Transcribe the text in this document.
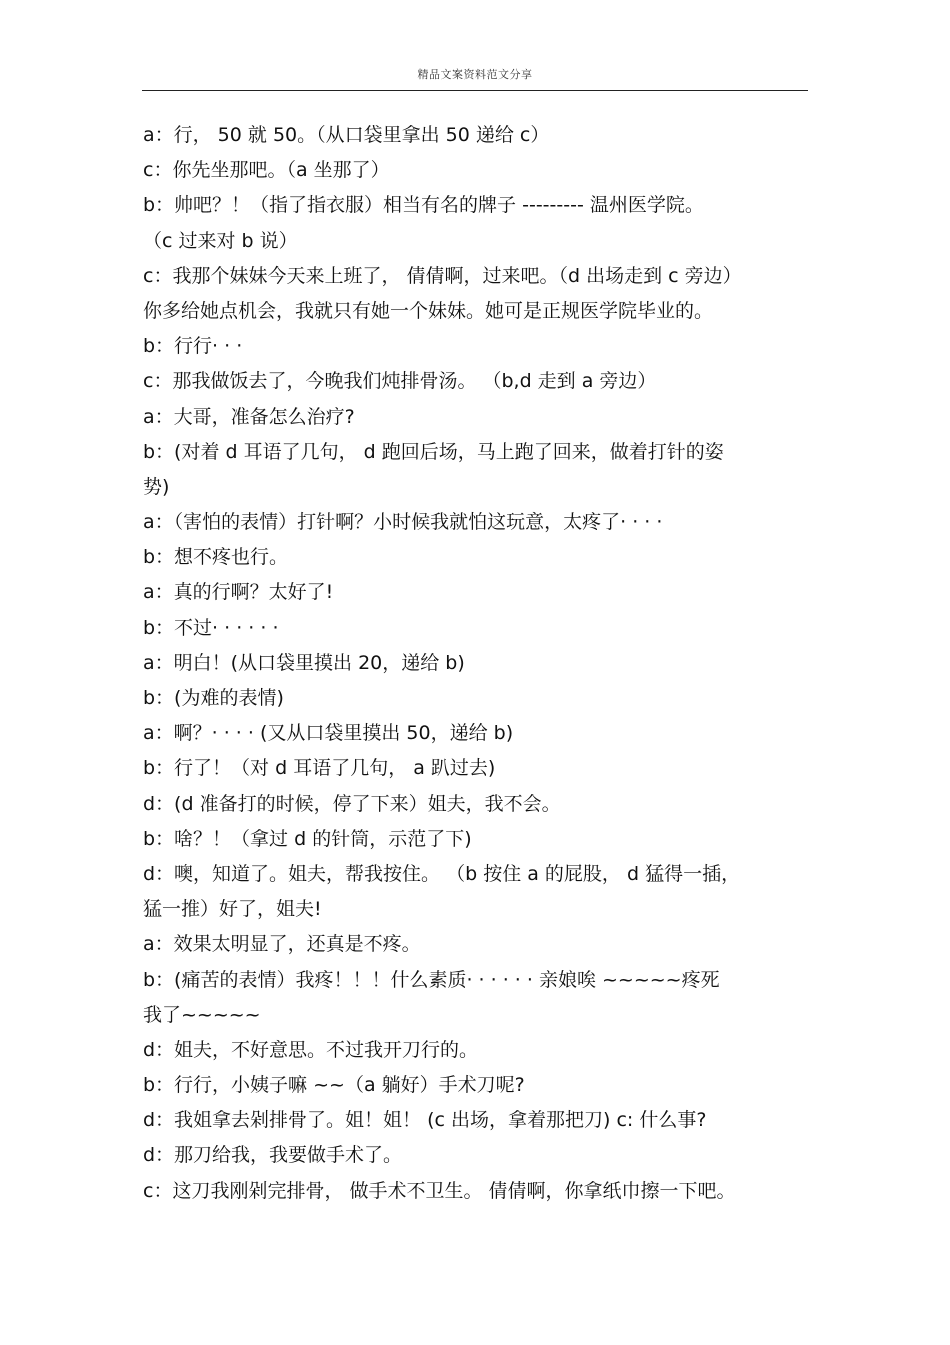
精品文案资料范文分享
a：行， 50 就 50。（从口袋里拿出 50 递给 c）
c：你先坐那吧。（a 坐那了）
b：帅吧？！（指了指衣服）相当有名的牌子 --------- 温州医学院。
（c 过来对 b 说）
c：我那个妹妹今天来上班了， 倩倩啊，过来吧。（d 出场走到 c 旁边）
你多给她点机会，我就只有她一个妹妹。她可是正规医学院毕业的。
b：行行· · ·
c：那我做饭去了，今晚我们炖排骨汤。 （b,d 走到 a 旁边）
a：大哥，准备怎么治疗?
b：(对着 d 耳语了几句， d 跑回后场，马上跑了回来，做着打针的姿
势)
a：（害怕的表情）打针啊？小时候我就怕这玩意，太疼了· · · ·
b：想不疼也行。
a：真的行啊？太好了!
b：不过· · · · · ·
a：明白！(从口袋里摸出 20，递给 b)
b：(为难的表情)
a：啊？· · · · (又从口袋里摸出 50，递给 b)
b：行了！（对 d 耳语了几句， a 趴过去)
d：(d 准备打的时候，停了下来）姐夫，我不会。
b：啥？！（拿过 d 的针筒，示范了下)
d：噢，知道了。姐夫，帮我按住。 （b 按住 a 的屁股， d 猛得一插，
猛一推）好了，姐夫!
a：效果太明显了，还真是不疼。
b：(痛苦的表情）我疼！！！什么素质· · · · · · 亲娘唉 ~~~~~疼死
我了~~~~~
d：姐夫，不好意思。不过我开刀行的。
b：行行，小姨子嘛 ~~（a 躺好）手术刀呢?
d：我姐拿去剁排骨了。姐！姐！ (c 出场，拿着那把刀) c: 什么事?
d：那刀给我，我要做手术了。
c：这刀我刚剁完排骨， 做手术不卫生。 倩倩啊，你拿纸巾擦一下吧。
